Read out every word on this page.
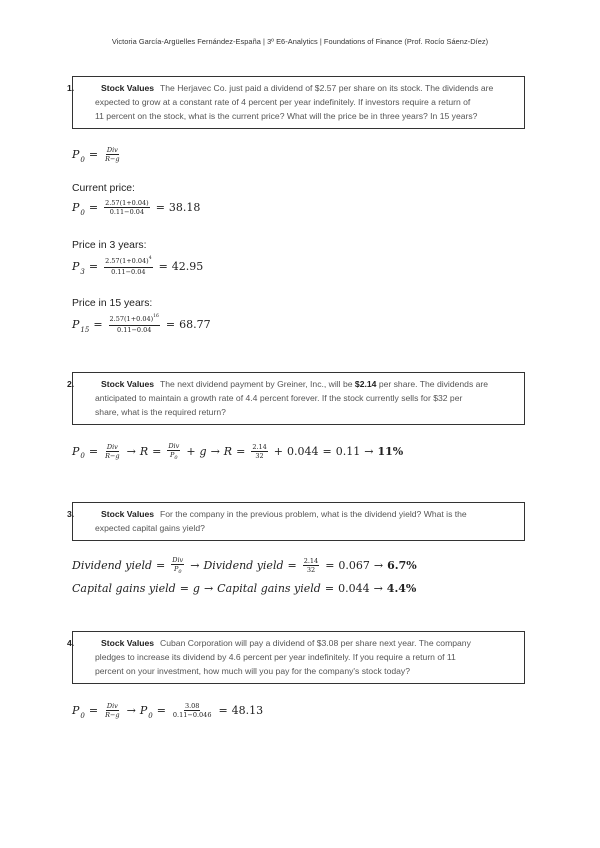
Victoria García-Argüelles Fernández-España | 3º E6-Analytics | Foundations of Finance (Prof. Rocío Sáenz-Díez)
1.	Stock Values The Herjavec Co. just paid a dividend of $2.57 per share on its stock. The dividends are
expected to grow at a constant rate of 4 percent per year indefinitely. If investors require a return of
11 percent on the stock, what is the current price? What will the price be in three years? In 15 years?
P $0 = \frac{\text{Div}}{R-g}$
Current price:
P $0 = \frac{2.57(1+0.04)}{0.11-0.04} = 38.18$
Price in 3 years:
P $3 = \frac{2.57(1+0.04)^4}{0.11-0.04} = 42.95$
Price in 15 years:
P $15 = \frac{2.57(1+0.04)^{16}}{0.11-0.04} = 68.77$
2.	Stock Values The next dividend payment by Greiner, Inc., will be $2.14 per share. The dividends are
anticipated to maintain a growth rate of 4.4 percent forever. If the stock currently sells for $32 per
share, what is the required return?
P $0 = \frac{\text{Div}}{R-g} \to R = \frac{\text{Div}}{P_0} + g \to R = \frac{2.14}{32} + 0.044 = 0.11 \to 11\%$
3.	Stock Values For the company in the previous problem, what is the dividend yield? What is the
expected capital gains yield?
Dividend yield = $\frac{\text{Div}}{P_0}$ → Dividend yield = $\frac{2.14}{32} = 0.067 \to 6.7\%$
Capital gains yield = g → Capital gains yield = 0.044 → 4.4%
4.	Stock Values Cuban Corporation will pay a dividend of $3.08 per share next year. The company
pledges to increase its dividend by 4.6 percent per year indefinitely. If you require a return of 11
percent on your investment, how much will you pay for the company's stock today?
P $0 = \frac{\text{Div}}{R-g} \to P$ $0 = \frac{3.08}{0.11-0.046} = 48.13$
